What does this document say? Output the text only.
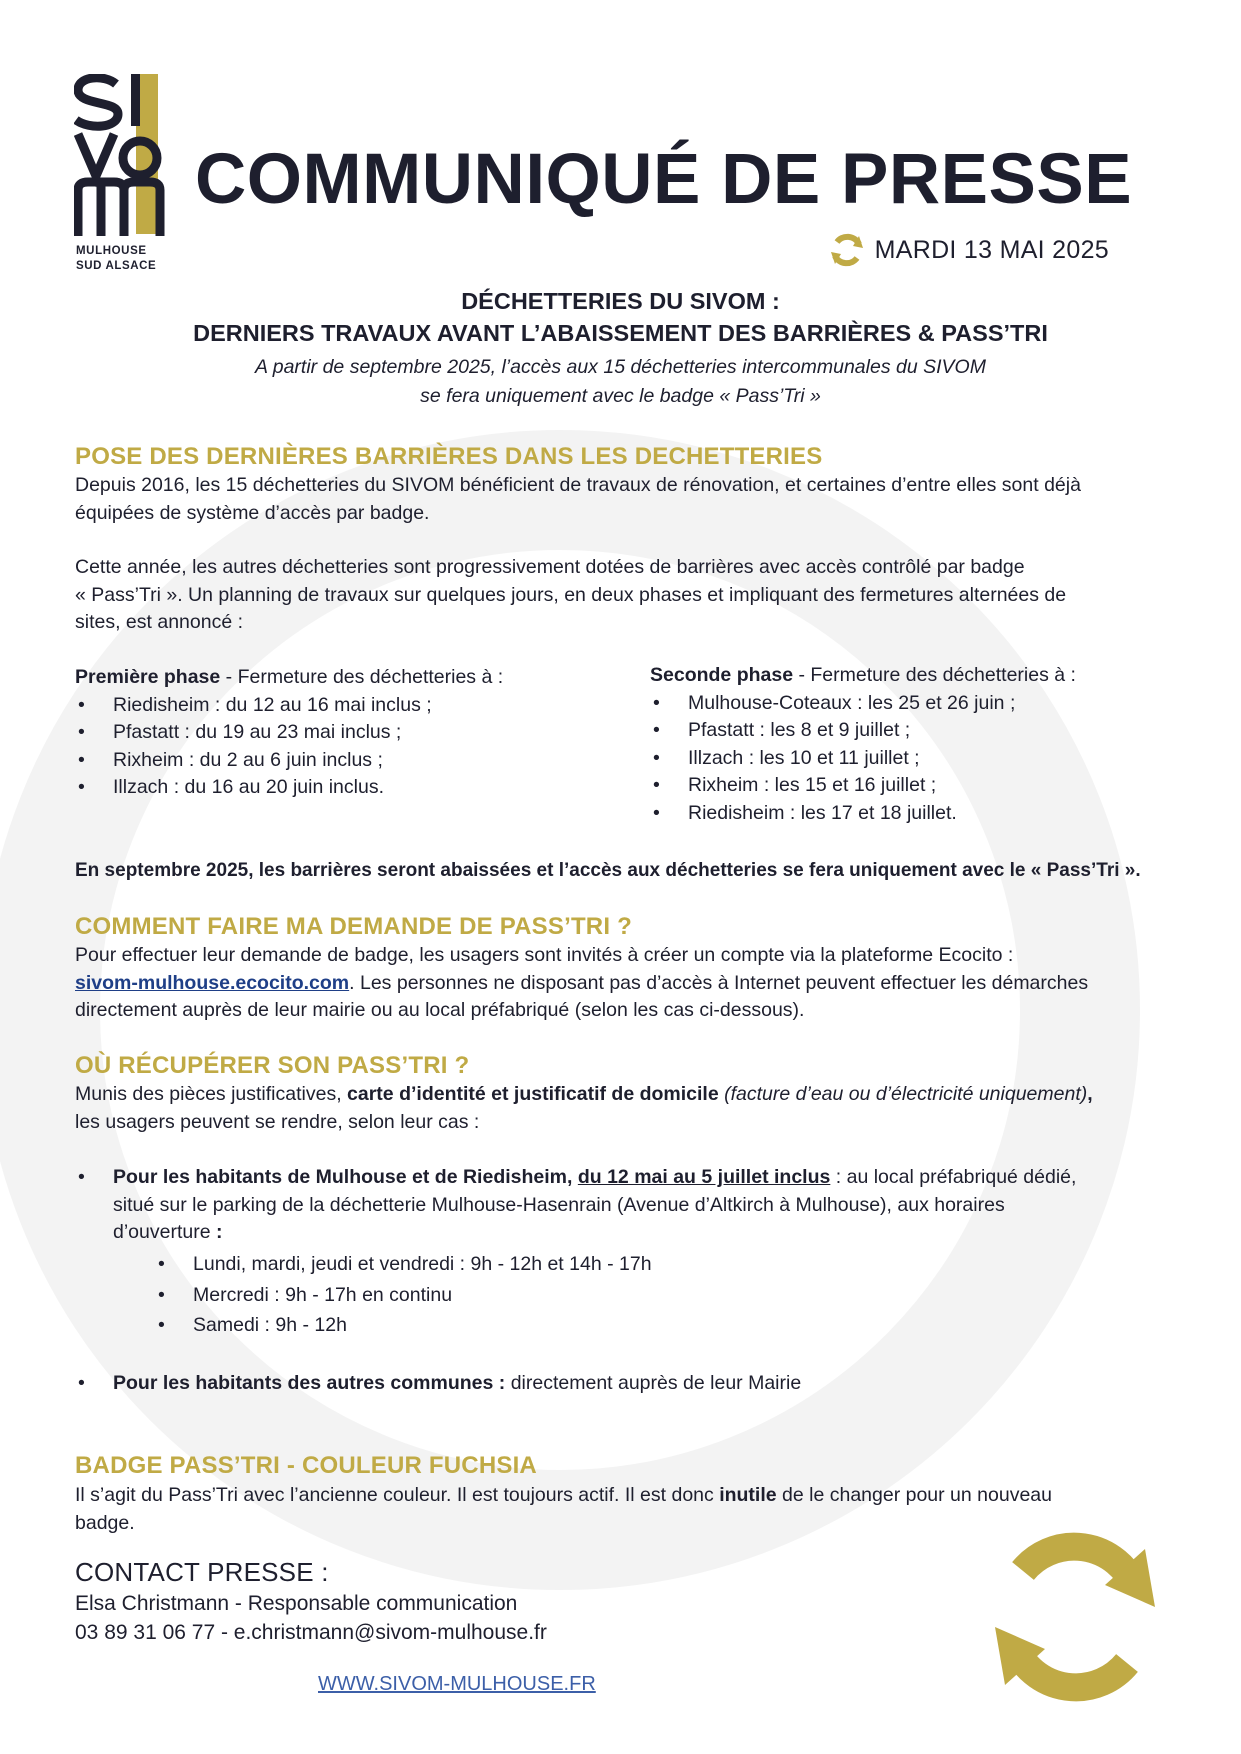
MULHOUSE
SUD ALSACE
COMMUNIQUÉ DE PRESSE
MARDI 13 MAI 2025
DÉCHETTERIES DU SIVOM :
DERNIERS TRAVAUX AVANT L’ABAISSEMENT DES BARRIÈRES & PASS’TRI
A partir de septembre 2025, l’accès aux 15 déchetteries intercommunales du SIVOM
se fera uniquement avec le badge « Pass’Tri »
POSE DES DERNIÈRES BARRIÈRES DANS LES DECHETTERIES
Depuis 2016, les 15 déchetteries du SIVOM bénéficient de travaux de rénovation, et certaines d’entre elles sont déjà
équipées de système d’accès par badge.
Cette année, les autres déchetteries sont progressivement dotées de barrières avec accès contrôlé par badge
« Pass’Tri ». Un planning de travaux sur quelques jours, en deux phases et impliquant des fermetures alternées de
sites, est annoncé :
Première phase - Fermeture des déchetteries à :
• Riedisheim : du 12 au 16 mai inclus ;
• Pfastatt : du 19 au 23 mai inclus ;
• Rixheim : du 2 au 6 juin inclus ;
• Illzach : du 16 au 20 juin inclus.
Seconde phase - Fermeture des déchetteries à :
• Mulhouse-Coteaux : les 25 et 26 juin ;
• Pfastatt : les 8 et 9 juillet ;
• Illzach : les 10 et 11 juillet ;
• Rixheim : les 15 et 16 juillet ;
• Riedisheim : les 17 et 18 juillet.
En septembre 2025, les barrières seront abaissées et l’accès aux déchetteries se fera uniquement avec le « Pass’Tri ».
COMMENT FAIRE MA DEMANDE DE PASS’TRI ?
Pour effectuer leur demande de badge, les usagers sont invités à créer un compte via la plateforme Ecocito :
sivom-mulhouse.ecocito.com. Les personnes ne disposant pas d’accès à Internet peuvent effectuer les démarches
directement auprès de leur mairie ou au local préfabriqué (selon les cas ci-dessous).
OÙ RÉCUPÉRER SON PASS’TRI ?
Munis des pièces justificatives, carte d’identité et justificatif de domicile (facture d’eau ou d’électricité uniquement),
les usagers peuvent se rendre, selon leur cas :
• Pour les habitants de Mulhouse et de Riedisheim, du 12 mai au 5 juillet inclus : au local préfabriqué dédié,
situé sur le parking de la déchetterie Mulhouse-Hasenrain (Avenue d’Altkirch à Mulhouse), aux horaires
d’ouverture :
• Lundi, mardi, jeudi et vendredi : 9h - 12h et 14h - 17h
• Mercredi : 9h - 17h en continu
• Samedi : 9h - 12h
• Pour les habitants des autres communes : directement auprès de leur Mairie
BADGE PASS’TRI - COULEUR FUCHSIA
Il s’agit du Pass’Tri avec l’ancienne couleur. Il est toujours actif. Il est donc inutile de le changer pour un nouveau
badge.
CONTACT PRESSE :
Elsa Christmann - Responsable communication
03 89 31 06 77 - e.christmann@sivom-mulhouse.fr
WWW.SIVOM-MULHOUSE.FR
